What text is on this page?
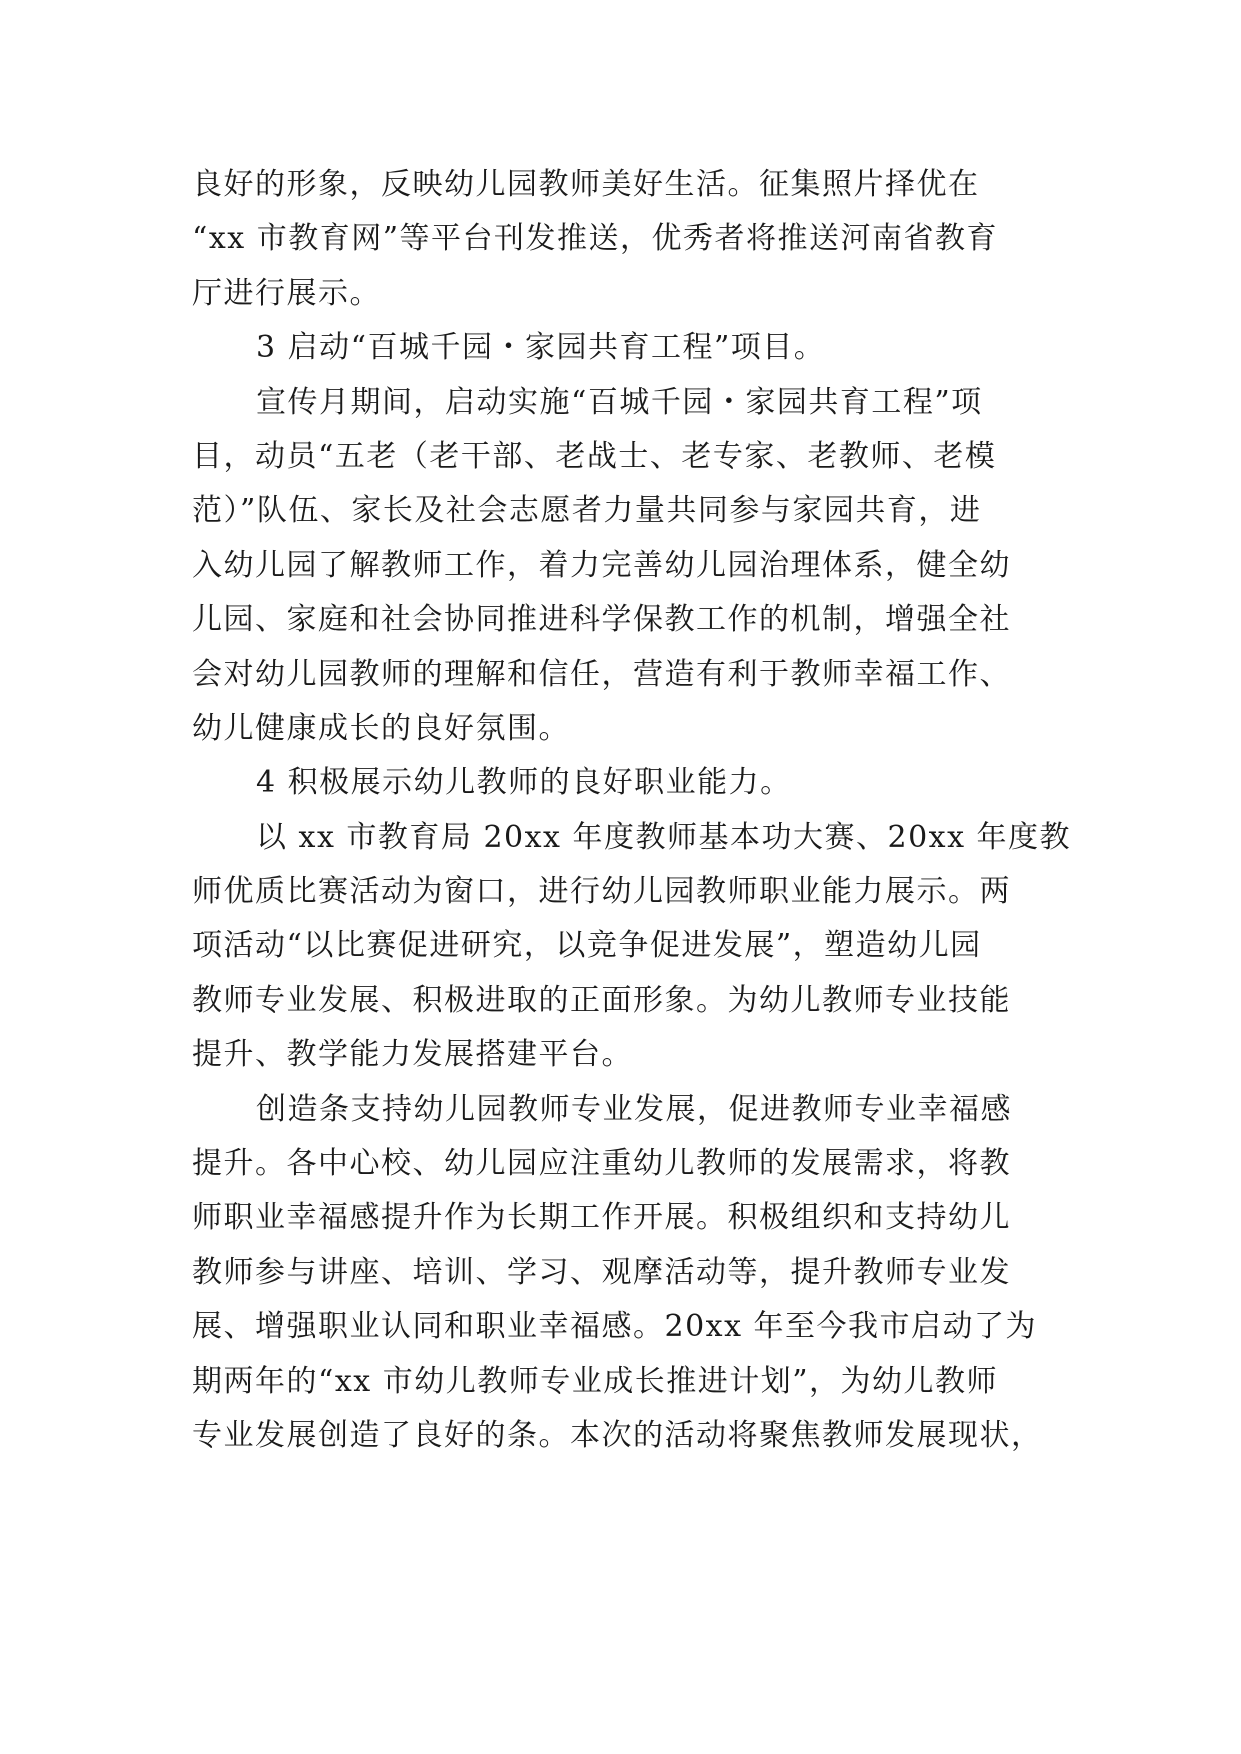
良好的形象，反映幼儿园教师美好生活。征集照片择优在
“xx 市教育网”等平台刊发推送，优秀者将推送河南省教育
厅进行展示。
3 启动“百城千园・家园共育工程”项目。
宣传月期间，启动实施“百城千园・家园共育工程”项
目，动员“五老（老干部、老战士、老专家、老教师、老模
范）”队伍、家长及社会志愿者力量共同参与家园共育，进
入幼儿园了解教师工作，着力完善幼儿园治理体系，健全幼
儿园、家庭和社会协同推进科学保教工作的机制，增强全社
会对幼儿园教师的理解和信任，营造有利于教师幸福工作、
幼儿健康成长的良好氛围。
4 积极展示幼儿教师的良好职业能力。
以 xx 市教育局 20xx 年度教师基本功大赛、20xx 年度教
师优质比赛活动为窗口，进行幼儿园教师职业能力展示。两
项活动“以比赛促进研究，以竞争促进发展”，塑造幼儿园
教师专业发展、积极进取的正面形象。为幼儿教师专业技能
提升、教学能力发展搭建平台。
创造条支持幼儿园教师专业发展，促进教师专业幸福感
提升。各中心校、幼儿园应注重幼儿教师的发展需求，将教
师职业幸福感提升作为长期工作开展。积极组织和支持幼儿
教师参与讲座、培训、学习、观摩活动等，提升教师专业发
展、增强职业认同和职业幸福感。20xx 年至今我市启动了为
期两年的“xx 市幼儿教师专业成长推进计划”，为幼儿教师
专业发展创造了良好的条。本次的活动将聚焦教师发展现状，
